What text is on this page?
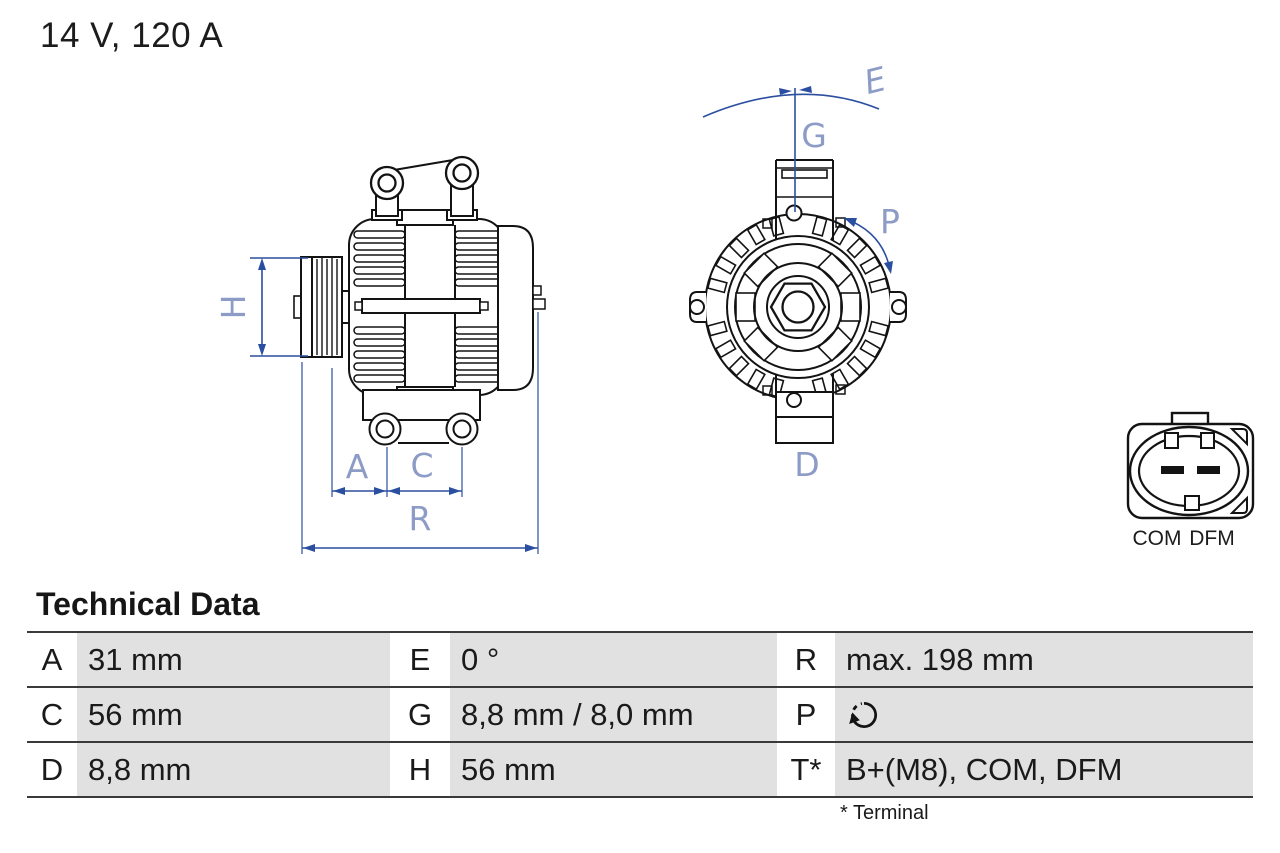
14 V, 120 A
H
A C
R
E
G
P
D
COM DFM
Technical Data
A 31 mm	E 0 °	R max. 198 mm
C 56 mm	G 8,8 mm / 8,0 mm	P
D 8,8 mm	H 56 mm	T* B+(M8), COM, DFM
* Terminal
